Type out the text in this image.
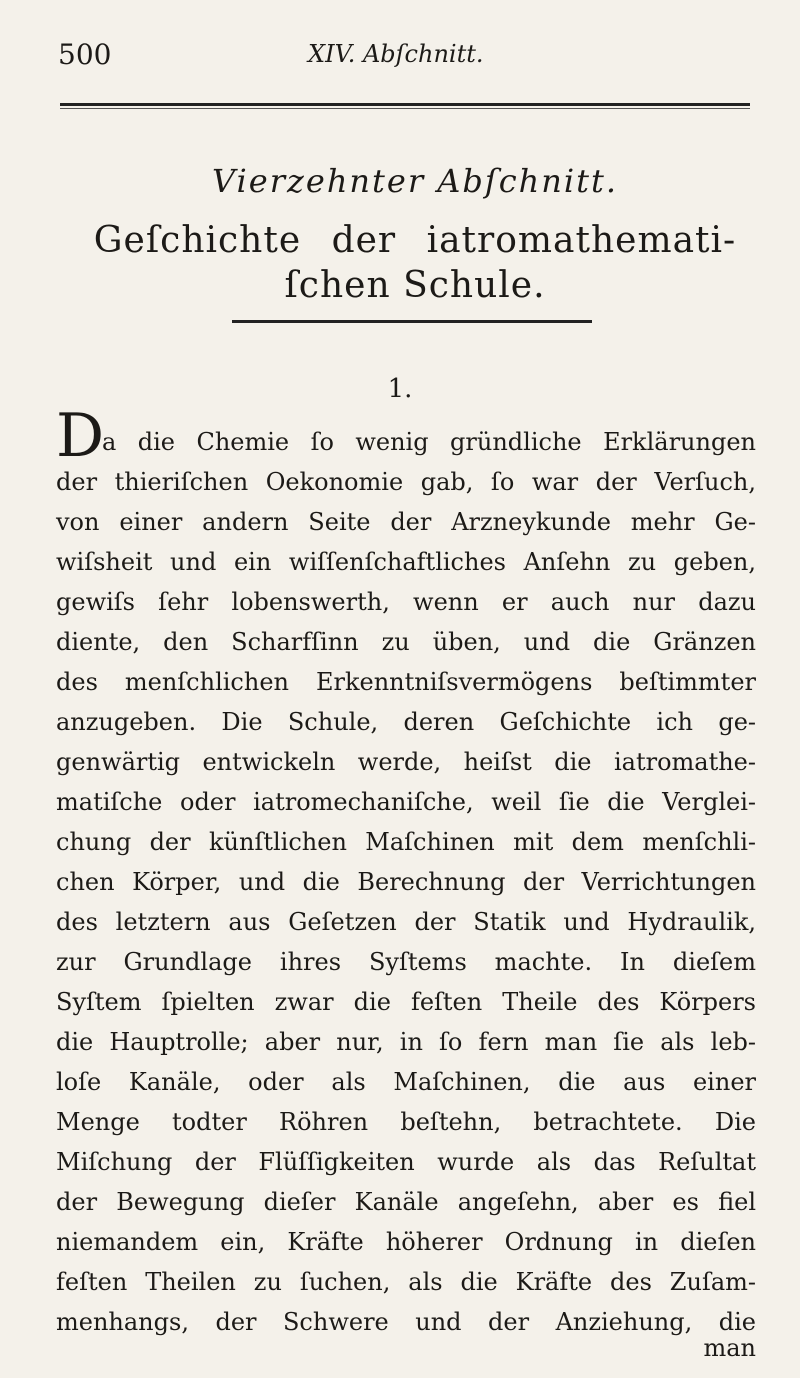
500	XIV. Abſchnitt.
Vierzehnter Abſchnitt.
Geſchichte der iatromathemati-
ſchen Schule.
1.
D
a die Chemie ſo wenig gründliche Erklärungen
der thieriſchen Oekonomie gab, ſo war der Verſuch,
von einer andern Seite der Arzneykunde mehr Ge-
wiſsheit und ein wiſſenſchaftliches Anſehn zu geben,
gewiſs ſehr lobenswerth, wenn er auch nur dazu
diente, den Scharfſinn zu üben, und die Gränzen
des menſchlichen Erkenntniſsvermögens beſtimmter
anzugeben. Die Schule, deren Geſchichte ich ge-
genwärtig entwickeln werde, heiſst die iatromathe-
matiſche oder iatromechaniſche, weil ſie die Verglei-
chung der künſtlichen Maſchinen mit dem menſchli-
chen Körper, und die Berechnung der Verrichtungen
des letztern aus Geſetzen der Statik und Hydraulik,
zur Grundlage ihres Syſtems machte. In dieſem
Syſtem ſpielten zwar die feſten Theile des Körpers
die Hauptrolle; aber nur, in ſo fern man ſie als leb-
loſe Kanäle, oder als Maſchinen, die aus einer
Menge todter Röhren beſtehn, betrachtete. Die
Miſchung der Flüſſigkeiten wurde als das Reſultat
der Bewegung dieſer Kanäle angeſehn, aber es fiel
niemandem ein, Kräfte höherer Ordnung in dieſen
feſten Theilen zu ſuchen, als die Kräfte des Zuſam-
menhangs, der Schwere und der Anziehung, die
man
